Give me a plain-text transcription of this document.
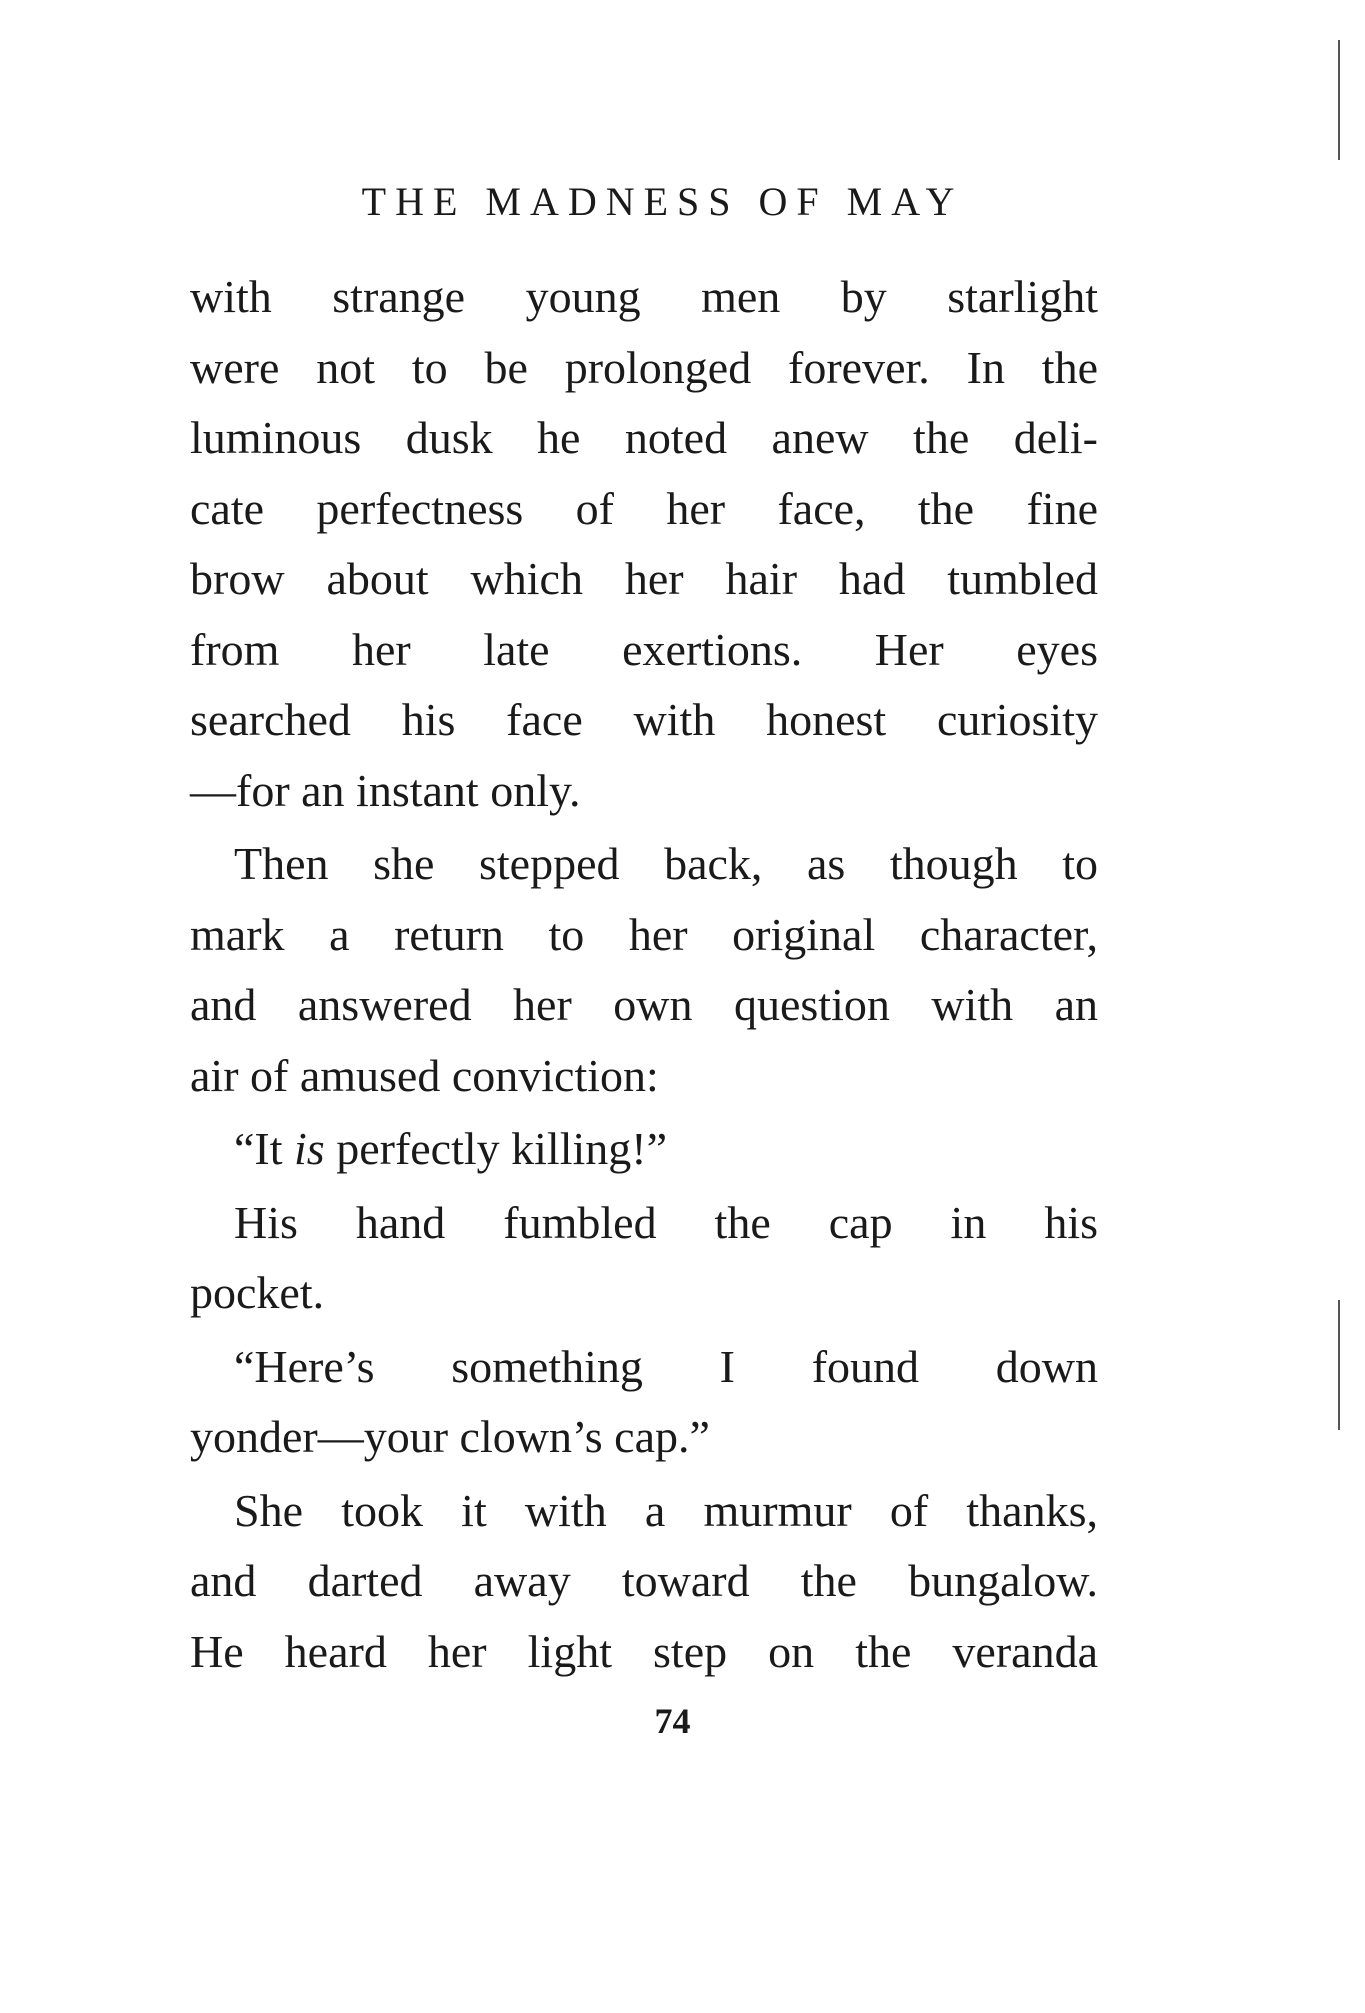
THE MADNESS OF MAY
with strange young men by starlight
were not to be prolonged forever. In the
luminous dusk he noted anew the deli-
cate perfectness of her face, the fine
brow about which her hair had tumbled
from her late exertions. Her eyes
searched his face with honest curiosity
—for an instant only.
Then she stepped back, as though to
mark a return to her original character,
and answered her own question with an
air of amused conviction:
“It is perfectly killing!”
His hand fumbled the cap in his
pocket.
“Here’s something I found down
yonder—your clown’s cap.”
She took it with a murmur of thanks,
and darted away toward the bungalow.
He heard her light step on the veranda
74
